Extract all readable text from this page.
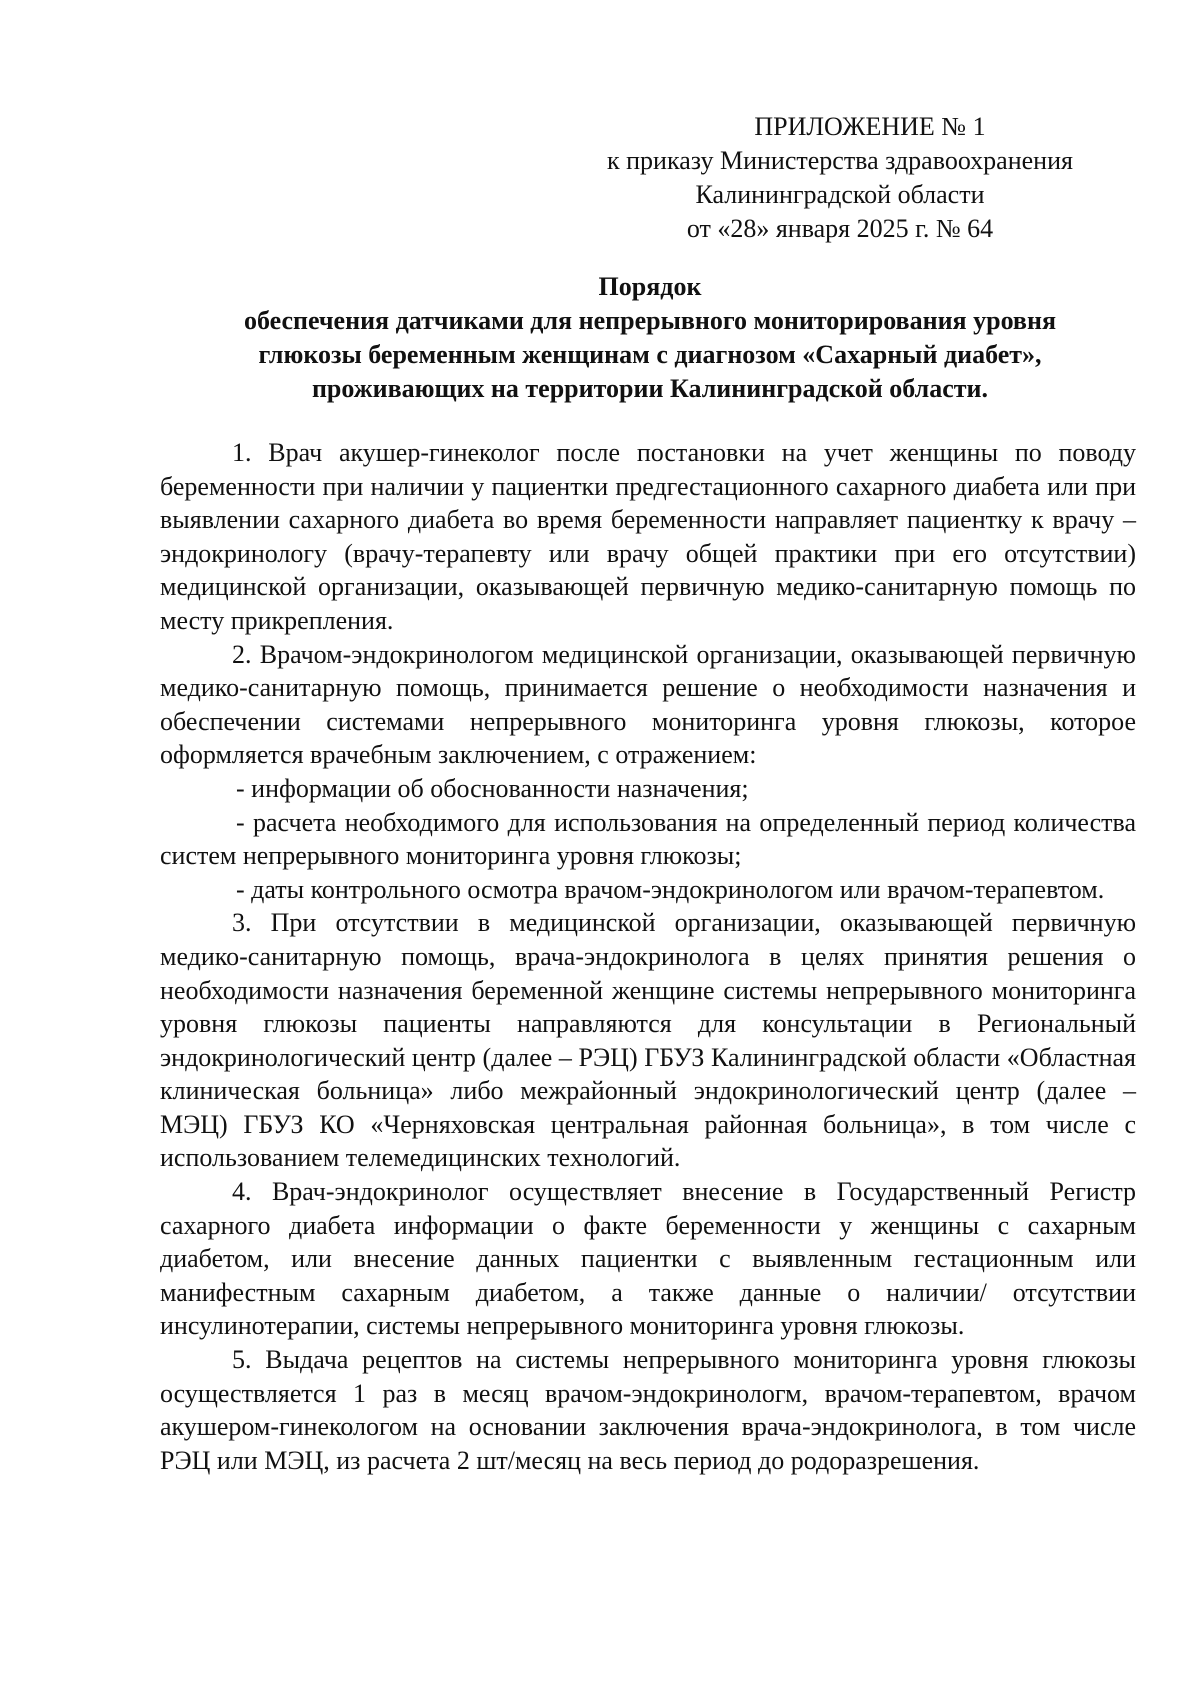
ПРИЛОЖЕНИЕ № 1
к приказу Министерства здравоохранения
Калининградской области
от «28» января 2025 г. № 64
Порядок
обеспечения датчиками для непрерывного мониторирования уровня
глюкозы беременным женщинам с диагнозом «Сахарный диабет»,
проживающих на территории Калининградской области.

1. Врач акушер-гинеколог после постановки на учет женщины по поводу беременности при наличии у пациентки предгестационного сахарного диабета или при выявлении сахарного диабета во время беременности направляет пациентку к врачу – эндокринологу (врачу-терапевту или врачу общей практики при его отсутствии) медицинской организации, оказывающей первичную медико-санитарную помощь по месту прикрепления.

2. Врачом-эндокринологом медицинской организации, оказывающей первичную медико-санитарную помощь, принимается решение о необходимости назначения и обеспечении системами непрерывного мониторинга уровня глюкозы, которое оформляется врачебным заключением, с отражением:

- информации об обоснованности назначения;

- расчета необходимого для использования на определенный период количества систем непрерывного мониторинга уровня глюкозы;

- даты контрольного осмотра врачом-эндокринологом или врачом-терапевтом.

3. При отсутствии в медицинской организации, оказывающей первичную медико-санитарную помощь, врача-эндокринолога в целях принятия решения о необходимости назначения беременной женщине системы непрерывного мониторинга уровня глюкозы пациенты направляются для консультации в Региональный эндокринологический центр (далее – РЭЦ) ГБУЗ Калининградской области «Областная клиническая больница» либо межрайонный эндокринологический центр (далее – МЭЦ) ГБУЗ КО «Черняховская центральная районная больница», в том числе с использованием телемедицинских технологий.

4. Врач-эндокринолог осуществляет внесение в Государственный Регистр сахарного диабета информации о факте беременности у женщины с сахарным диабетом, или внесение данных пациентки с выявленным гестационным или манифестным сахарным диабетом, а также данные о наличии/ отсутствии инсулинотерапии, системы непрерывного мониторинга уровня глюкозы.

5. Выдача рецептов на системы непрерывного мониторинга уровня глюкозы осуществляется 1 раз в месяц врачом-эндокринологм, врачом-терапевтом, врачом акушером-гинекологом на основании заключения врача-эндокринолога, в том числе РЭЦ или МЭЦ, из расчета 2 шт/месяц на весь период до родоразрешения.
